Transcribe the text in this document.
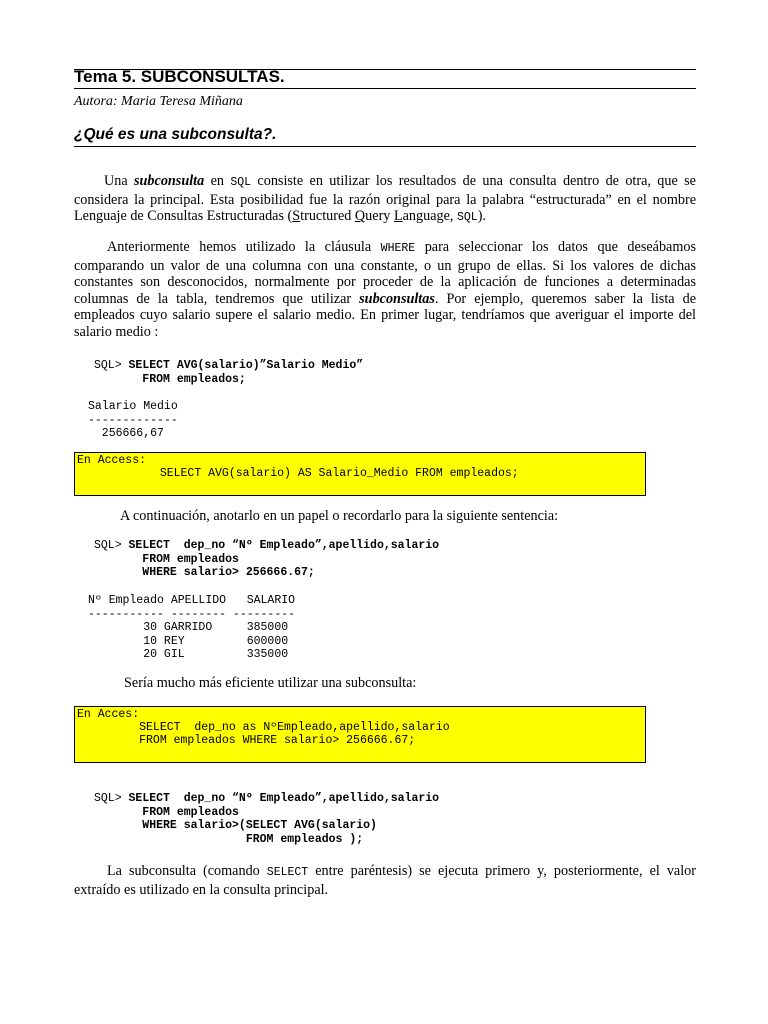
Tema 5. SUBCONSULTAS.
Autora: Maria Teresa Miñana
¿Qué es una subconsulta?.
Una subconsulta en SQL consiste en utilizar los resultados de una consulta dentro de otra, que se considera la principal. Esta posibilidad fue la razón original para la palabra “estructurada” en el nombre Lenguaje de Consultas Estructuradas (Structured Query Language, SQL).
Anteriormente hemos utilizado la cláusula WHERE para seleccionar los datos que deseábamos comparando un valor de una columna con una constante, o un grupo de ellas. Si los valores de dichas constantes son desconocidos, normalmente por proceder de la aplicación de funciones a determinadas columnas de la tabla, tendremos que utilizar subconsultas. Por ejemplo, queremos saber la lista de empleados cuyo salario supere el salario medio. En primer lugar, tendríamos que averiguar el importe del salario medio :
SQL> SELECT AVG(salario)”Salario Medio”
FROM empleados;
Salario Medio
-------------
256666,67
En Access:
SELECT AVG(salario) AS Salario_Medio FROM empleados;
A continuación, anotarlo en un papel o recordarlo para la siguiente sentencia:
SQL> SELECT  dep_no “Nº Empleado”,apellido,salario
FROM empleados
WHERE salario> 256666.67;
Nº Empleado APELLIDO   SALARIO
----------- -------- ---------
30 GARRIDO     385000
10 REY         600000
20 GIL         335000
Sería mucho más eficiente utilizar una subconsulta:
En Acces:
SELECT  dep_no as NºEmpleado,apellido,salario
FROM empleados WHERE salario> 256666.67;
SQL> SELECT  dep_no “Nº Empleado”,apellido,salario
FROM empleados
WHERE salario>(SELECT AVG(salario)
FROM empleados );
La subconsulta (comando SELECT entre paréntesis) se ejecuta primero y, posteriormente, el valor extraído es utilizado en la consulta principal.
